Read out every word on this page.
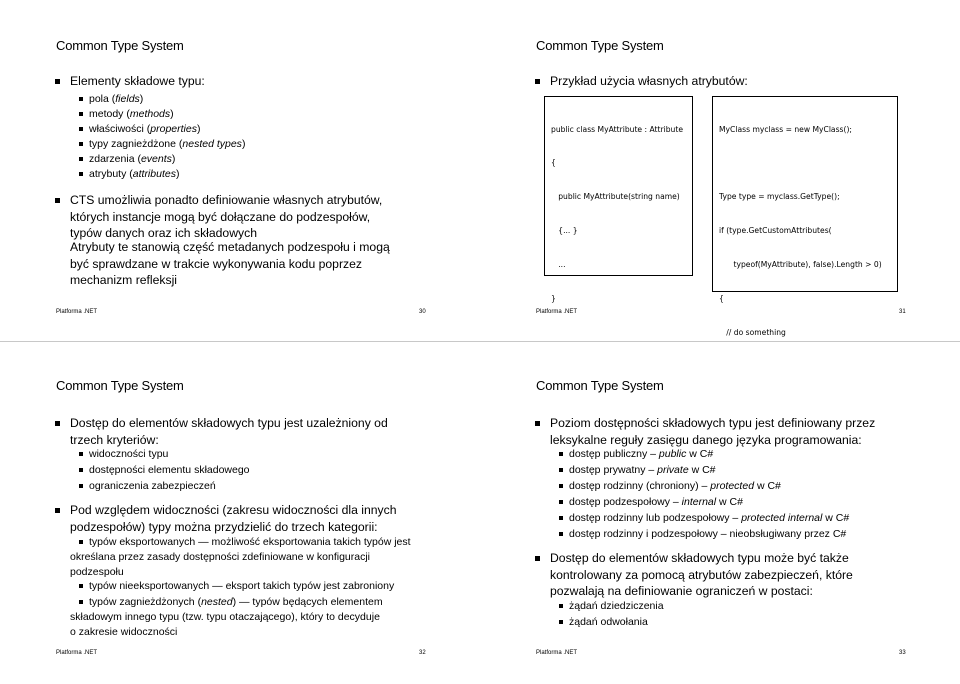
Common Type System
Elementy składowe typu:
pola (fields)
metody (methods)
właściwości (properties)
typy zagnieżdżone (nested types)
zdarzenia (events)
atrybuty (attributes)
CTS umożliwia ponadto definiowanie własnych atrybutów,
których instancje mogą być dołączane do podzespołów,
typów danych oraz ich składowych
Atrybuty te stanowią część metadanych podzespołu i mogą
być sprawdzane w trakcie wykonywania kodu poprzez
mechanizm refleksji
Platforma .NET	30
Common Type System
Przykład użycia własnych atrybutów:

public class MyAttribute : Attribute

{

public MyAttribute(string name)

{... }

...

}

MyClass myclass = new MyClass();

Type type = myclass.GetType();

if (type.GetCustomAttributes(

typeof(MyAttribute), false).Length > 0)

{

// do something

Platforma .NET	31
Common Type System
Dostęp do elementów składowych typu jest uzależniony od
trzech kryteriów:
widoczności typu
dostępności elementu składowego
ograniczenia zabezpieczeń
Pod względem widoczności (zakresu widoczności dla innych
podzespołów) typy można przydzielić do trzech kategorii:
typów eksportowanych — możliwość eksportowania takich typów jest
określana przez zasady dostępności zdefiniowane w konfiguracji
podzespołu
typów nieeksportowanych — eksport takich typów jest zabroniony
typów zagnieżdżonych (nested) — typów będących elementem
składowym innego typu (tzw. typu otaczającego), który to decyduje
o zakresie widoczności
Platforma .NET	32
Common Type System
Poziom dostępności składowych typu jest definiowany przez
leksykalne reguły zasięgu danego języka programowania:
dostęp publiczny – public w C#
dostęp prywatny – private w C#
dostęp rodzinny (chroniony) – protected w C#
dostęp podzespołowy – internal w C#
dostęp rodzinny lub podzespołowy – protected internal w C#
dostęp rodzinny i podzespołowy – nieobsługiwany przez C#
Dostęp do elementów składowych typu może być także
kontrolowany za pomocą atrybutów zabezpieczeń, które
pozwalają na definiowanie ograniczeń w postaci:
żądań dziedziczenia
żądań odwołania
Platforma .NET	33
